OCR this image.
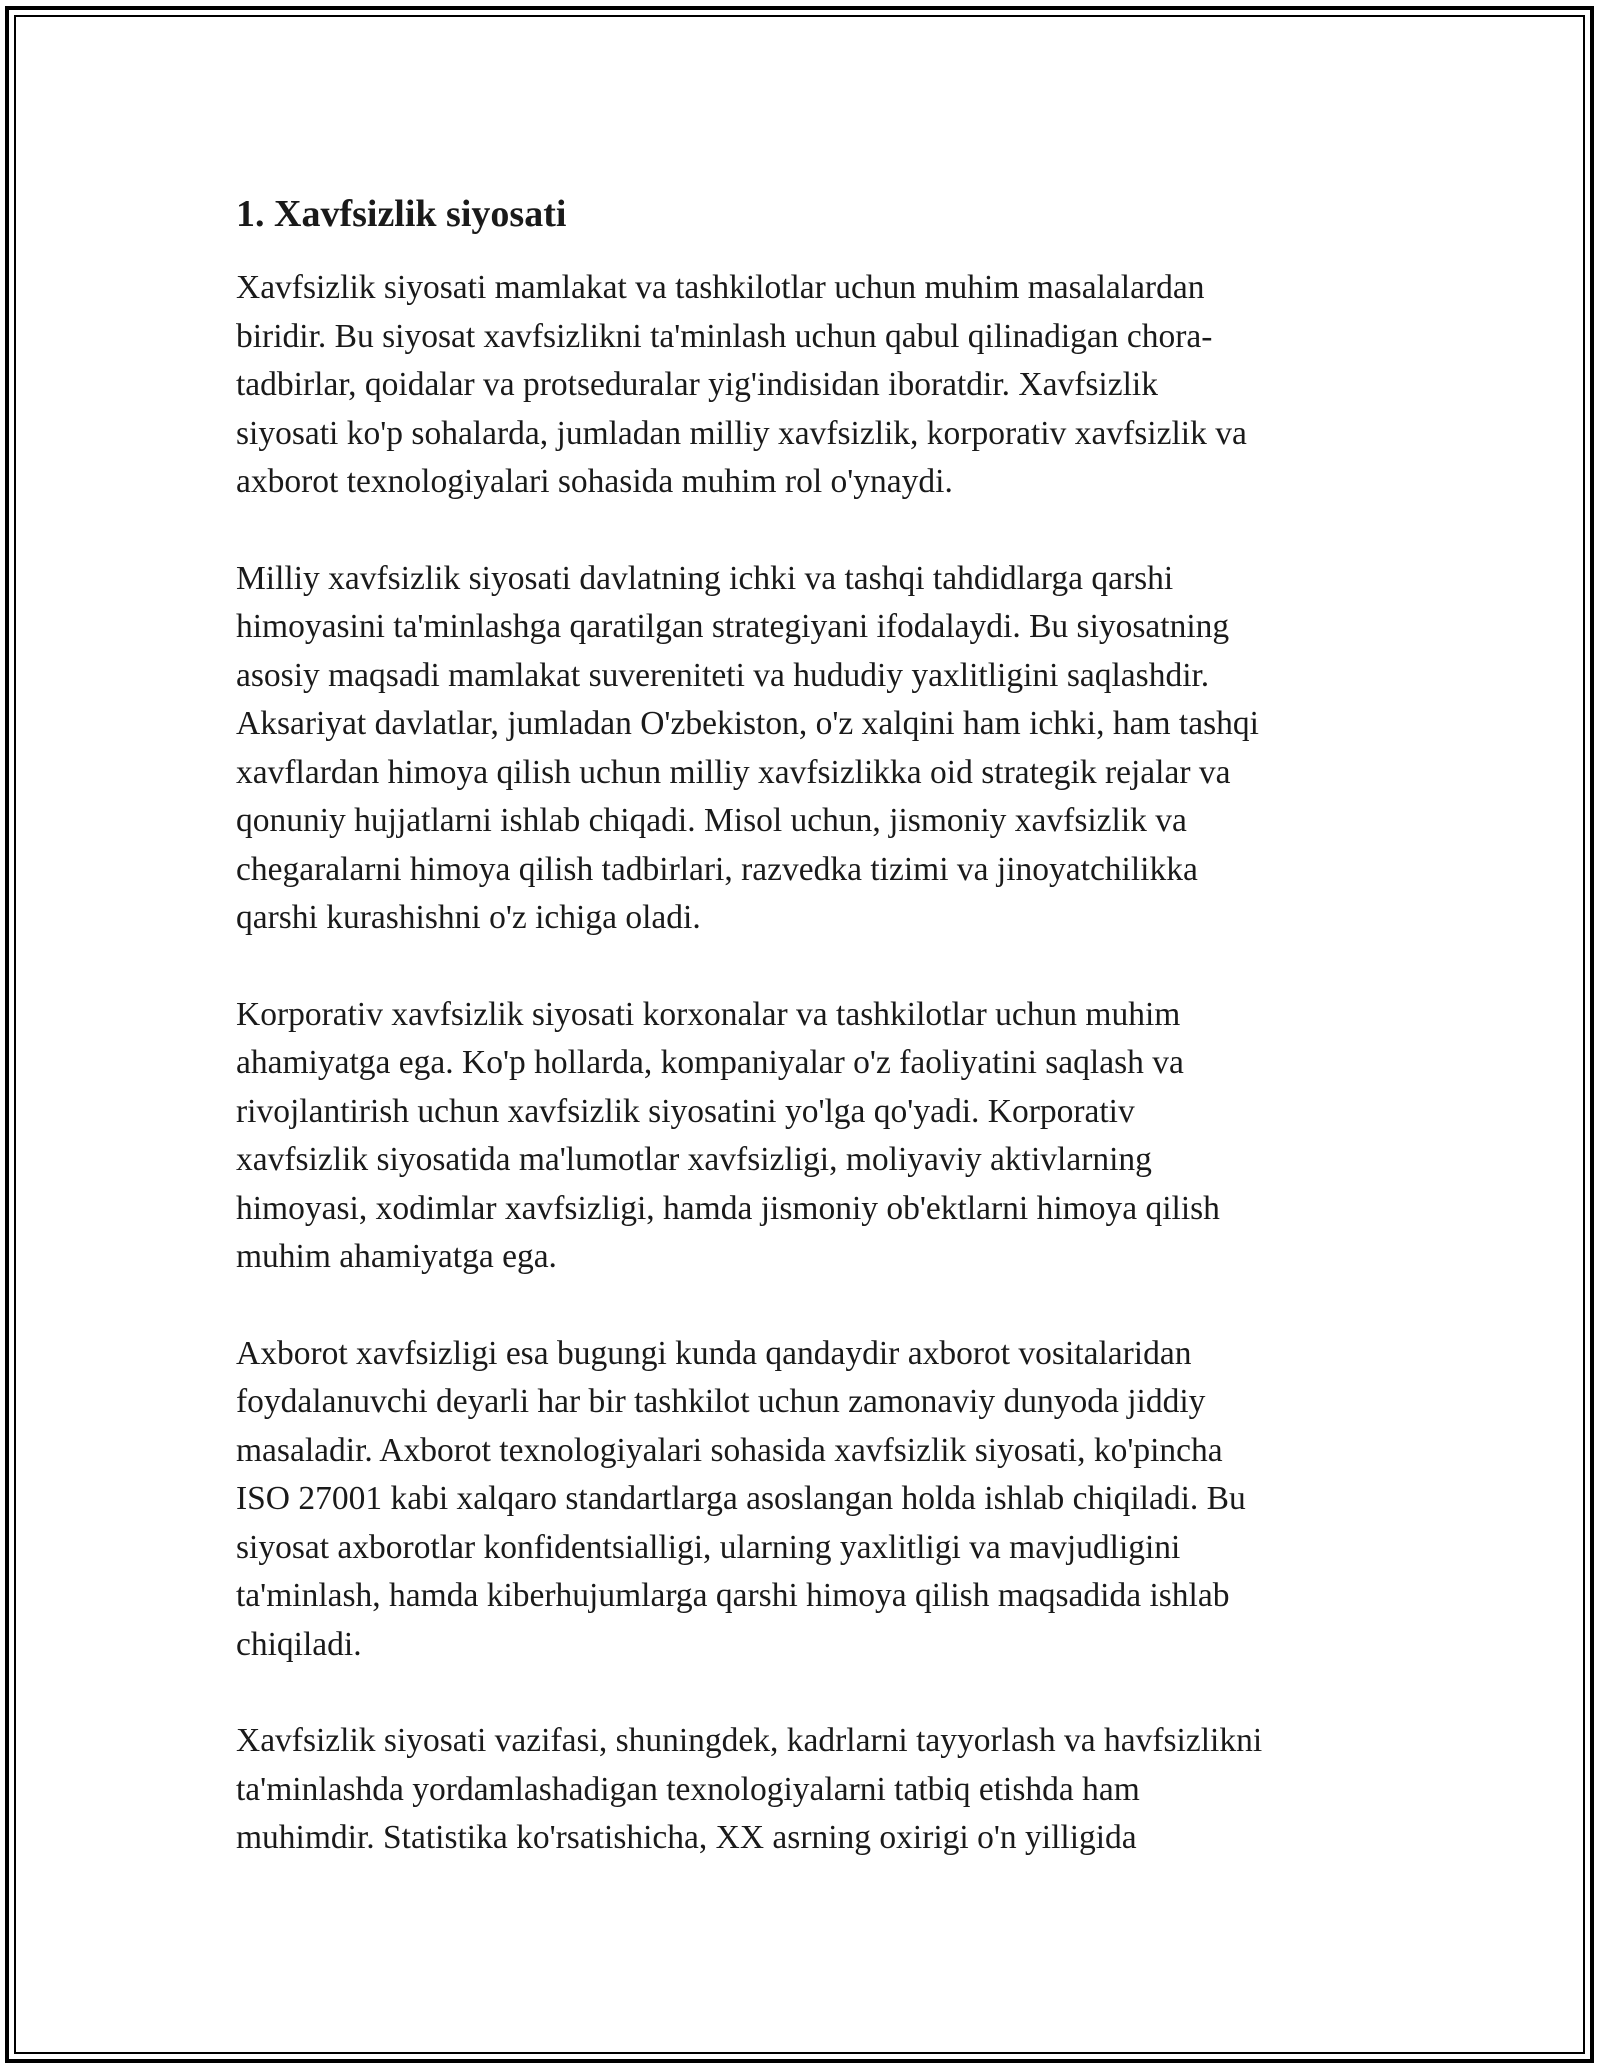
1. Xavfsizlik siyosati

Xavfsizlik siyosati mamlakat va tashkilotlar uchun muhim masalalardan
biridir. Bu siyosat xavfsizlikni ta'minlash uchun qabul qilinadigan chora-
tadbirlar, qoidalar va protseduralar yig'indisidan iboratdir. Xavfsizlik
siyosati ko'p sohalarda, jumladan milliy xavfsizlik, korporativ xavfsizlik va
axborot texnologiyalari sohasida muhim rol o'ynaydi.

Milliy xavfsizlik siyosati davlatning ichki va tashqi tahdidlarga qarshi
himoyasini ta'minlashga qaratilgan strategiyani ifodalaydi. Bu siyosatning
asosiy maqsadi mamlakat suvereniteti va hududiy yaxlitligini saqlashdir.
Aksariyat davlatlar, jumladan O'zbekiston, o'z xalqini ham ichki, ham tashqi
xavflardan himoya qilish uchun milliy xavfsizlikka oid strategik rejalar va
qonuniy hujjatlarni ishlab chiqadi. Misol uchun, jismoniy xavfsizlik va
chegaralarni himoya qilish tadbirlari, razvedka tizimi va jinoyatchilikka
qarshi kurashishni o'z ichiga oladi.

Korporativ xavfsizlik siyosati korxonalar va tashkilotlar uchun muhim
ahamiyatga ega. Ko'p hollarda, kompaniyalar o'z faoliyatini saqlash va
rivojlantirish uchun xavfsizlik siyosatini yo'lga qo'yadi. Korporativ
xavfsizlik siyosatida ma'lumotlar xavfsizligi, moliyaviy aktivlarning
himoyasi, xodimlar xavfsizligi, hamda jismoniy ob'ektlarni himoya qilish
muhim ahamiyatga ega.

Axborot xavfsizligi esa bugungi kunda qandaydir axborot vositalaridan
foydalanuvchi deyarli har bir tashkilot uchun zamonaviy dunyoda jiddiy
masaladir. Axborot texnologiyalari sohasida xavfsizlik siyosati, ko'pincha
ISO 27001 kabi xalqaro standartlarga asoslangan holda ishlab chiqiladi. Bu
siyosat axborotlar konfidentsialligi, ularning yaxlitligi va mavjudligini
ta'minlash, hamda kiberhujumlarga qarshi himoya qilish maqsadida ishlab
chiqiladi.

Xavfsizlik siyosati vazifasi, shuningdek, kadrlarni tayyorlash va havfsizlikni
ta'minlashda yordamlashadigan texnologiyalarni tatbiq etishda ham
muhimdir. Statistika ko'rsatishicha, XX asrning oxirigi o'n yilligida
